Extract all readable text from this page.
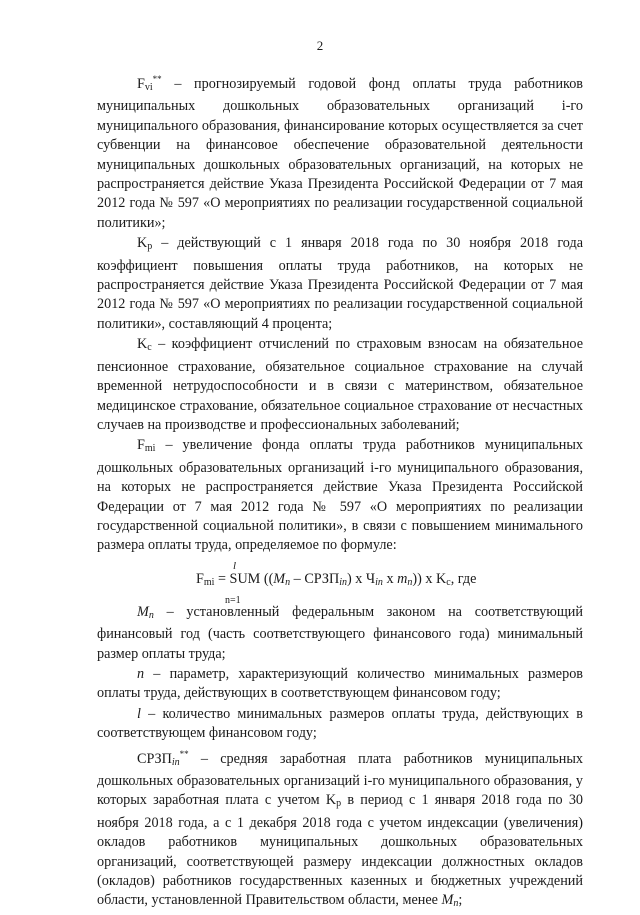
2

$F_{vi}^{**}$ – прогнозируемый годовой фонд оплаты труда работников муниципальных дошкольных образовательных организаций i-го муниципального образования, финансирование которых осуществляется за счет субвенции на финансовое обеспечение образовательной деятельности муниципальных дошкольных образовательных организаций, на которых не распространяется действие Указа Президента Российской Федерации от 7 мая 2012 года № 597 «О мероприятиях по реализации государственной социальной политики»;

$K_р$ – действующий с 1 января 2018 года по 30 ноября 2018 года коэффициент повышения оплаты труда работников, на которых не распространяется действие Указа Президента Российской Федерации от 7 мая 2012 года № 597 «О мероприятиях по реализации государственной социальной политики», составляющий 4 процента;

$K_с$ – коэффициент отчислений по страховым взносам на обязательное пенсионное страхование, обязательное социальное страхование на случай временной нетрудоспособности и в связи с материнством, обязательное медицинское страхование, обязательное социальное страхование от несчастных случаев на производстве и профессиональных заболеваний;

$F_{mi}$ – увеличение фонда оплаты труда работников муниципальных дошкольных образовательных организаций i-го муниципального образования, на которых не распространяется действие Указа Президента Российской Федерации от 7 мая 2012 года № 597 «О мероприятиях по реализации государственной социальной политики», в связи с повышением минимального размера оплаты труда, определяемое по формуле:

l
$F_{mi}$ = SUM (($M_n$ – $СРЗП_{in}$) x $Ч_{in}$ x $m_n$)) x $K_c$, где
n=1

$M_n$ – установленный федеральным законом на соответствующий финансовый год (часть соответствующего финансового года) минимальный размер оплаты труда;

n – параметр, характеризующий количество минимальных размеров оплаты труда, действующих в соответствующем финансовом году;

l – количество минимальных размеров оплаты труда, действующих в соответствующем финансовом году;

$СРЗП_{in}^{**}$ – средняя заработная плата работников муниципальных дошкольных образовательных организаций i-го муниципального образования, у которых заработная плата с учетом $K_р$ в период с 1 января 2018 года по 30 ноября 2018 года, а с 1 декабря 2018 года с учетом индексации (увеличения) окладов работников муниципальных дошкольных образовательных организаций, соответствующей размеру индексации должностных окладов (окладов) работников государственных казенных и бюджетных учреждений области, установленной Правительством области, менее $M_n$;
